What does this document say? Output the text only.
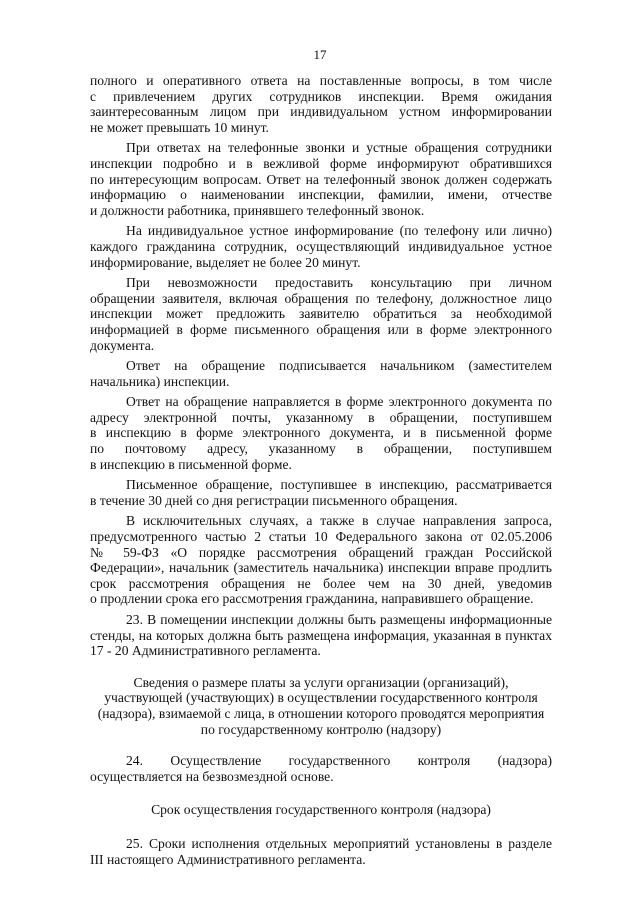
17
полного и оперативного ответа на поставленные вопросы, в том числе
с привлечением других сотрудников инспекции. Время ожидания
заинтересованным лицом при индивидуальном устном информировании
не может превышать 10 минут.
При ответах на телефонные звонки и устные обращения сотрудники
инспекции подробно и в вежливой форме информируют обратившихся
по интересующим вопросам. Ответ на телефонный звонок должен содержать
информацию о наименовании инспекции, фамилии, имени, отчестве
и должности работника, принявшего телефонный звонок.
На индивидуальное устное информирование (по телефону или лично)
каждого гражданина сотрудник, осуществляющий индивидуальное устное
информирование, выделяет не более 20 минут.
При невозможности предоставить консультацию при личном
обращении заявителя, включая обращения по телефону, должностное лицо
инспекции может предложить заявителю обратиться за необходимой
информацией в форме письменного обращения или в форме электронного
документа.
Ответ на обращение подписывается начальником (заместителем
начальника) инспекции.
Ответ на обращение направляется в форме электронного документа по
адресу электронной почты, указанному в обращении, поступившем
в инспекцию в форме электронного документа, и в письменной форме
по почтовому адресу, указанному в обращении, поступившем
в инспекцию в письменной форме.
Письменное обращение, поступившее в инспекцию, рассматривается
в течение 30 дней со дня регистрации письменного обращения.
В исключительных случаях, а также в случае направления запроса,
предусмотренного частью 2 статьи 10 Федерального закона от 02.05.2006
№ 59-ФЗ «О порядке рассмотрения обращений граждан Российской
Федерации», начальник (заместитель начальника) инспекции вправе продлить
срок рассмотрения обращения не более чем на 30 дней, уведомив
о продлении срока его рассмотрения гражданина, направившего обращение.
23. В помещении инспекции должны быть размещены информационные
стенды, на которых должна быть размещена информация, указанная в пунктах
17 - 20 Административного регламента.
Сведения о размере платы за услуги организации (организаций),
участвующей (участвующих) в осуществлении государственного контроля
(надзора), взимаемой с лица, в отношении которого проводятся мероприятия
по государственному контролю (надзору)
24. Осуществление государственного контроля (надзора)
осуществляется на безвозмездной основе.
Срок осуществления государственного контроля (надзора)
25. Сроки исполнения отдельных мероприятий установлены в разделе
III настоящего Административного регламента.
